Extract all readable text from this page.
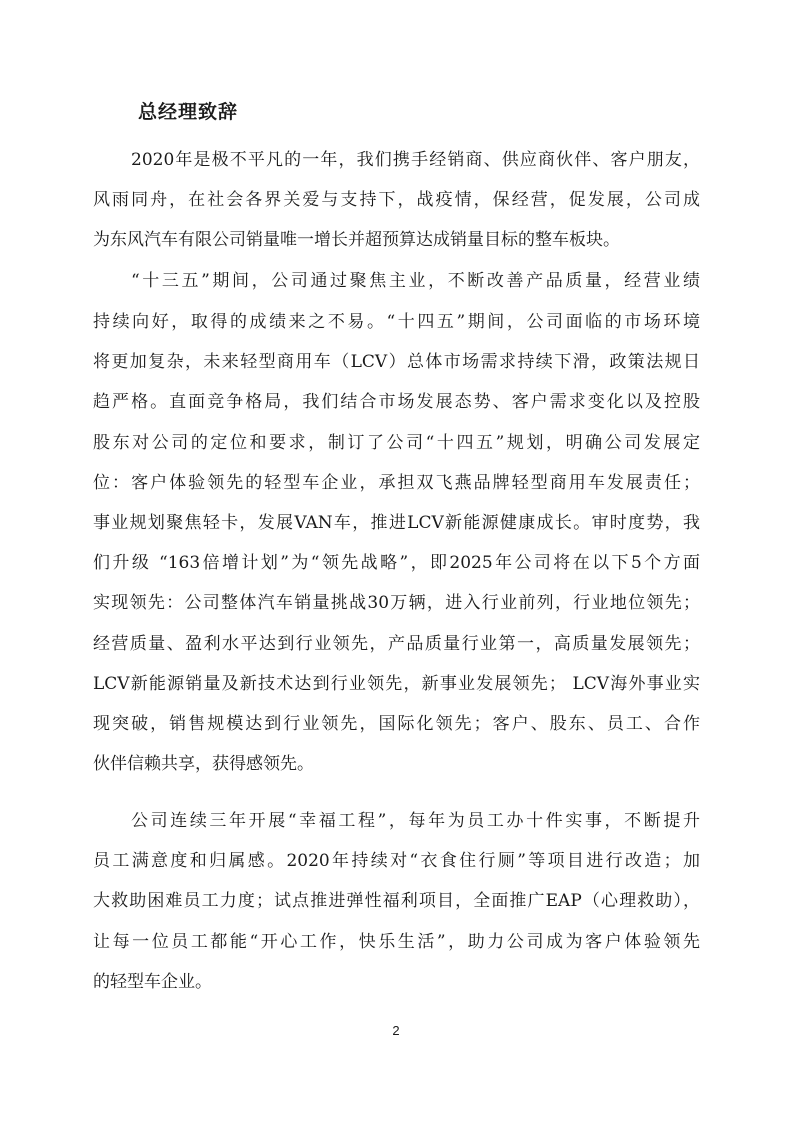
总经理致辞
2020年是极不平凡的一年，我们携手经销商、供应商伙伴、客户朋友，
风雨同舟，在社会各界关爱与支持下，战疫情，保经营，促发展，公司成
为东风汽车有限公司销量唯一增长并超预算达成销量目标的整车板块。
“十三五”期间，公司通过聚焦主业，不断改善产品质量，经营业绩
持续向好，取得的成绩来之不易。“十四五”期间，公司面临的市场环境
将更加复杂，未来轻型商用车（LCV）总体市场需求持续下滑，政策法规日
趋严格。直面竞争格局，我们结合市场发展态势、客户需求变化以及控股
股东对公司的定位和要求，制订了公司“十四五”规划，明确公司发展定
位：客户体验领先的轻型车企业，承担双飞燕品牌轻型商用车发展责任；
事业规划聚焦轻卡，发展VAN车，推进LCV新能源健康成长。审时度势，我
们升级 “163倍增计划”为“领先战略”，即2025年公司将在以下5个方面
实现领先：公司整体汽车销量挑战30万辆，进入行业前列，行业地位领先；
经营质量、盈利水平达到行业领先，产品质量行业第一，高质量发展领先；
LCV新能源销量及新技术达到行业领先，新事业发展领先； LCV海外事业实
现突破，销售规模达到行业领先，国际化领先；客户、股东、员工、合作
伙伴信赖共享，获得感领先。
公司连续三年开展“幸福工程”，每年为员工办十件实事，不断提升
员工满意度和归属感。2020年持续对“衣食住行厕”等项目进行改造；加
大救助困难员工力度；试点推进弹性福利项目，全面推广EAP（心理救助），
让每一位员工都能“开心工作，快乐生活”，助力公司成为客户体验领先
的轻型车企业。
2
